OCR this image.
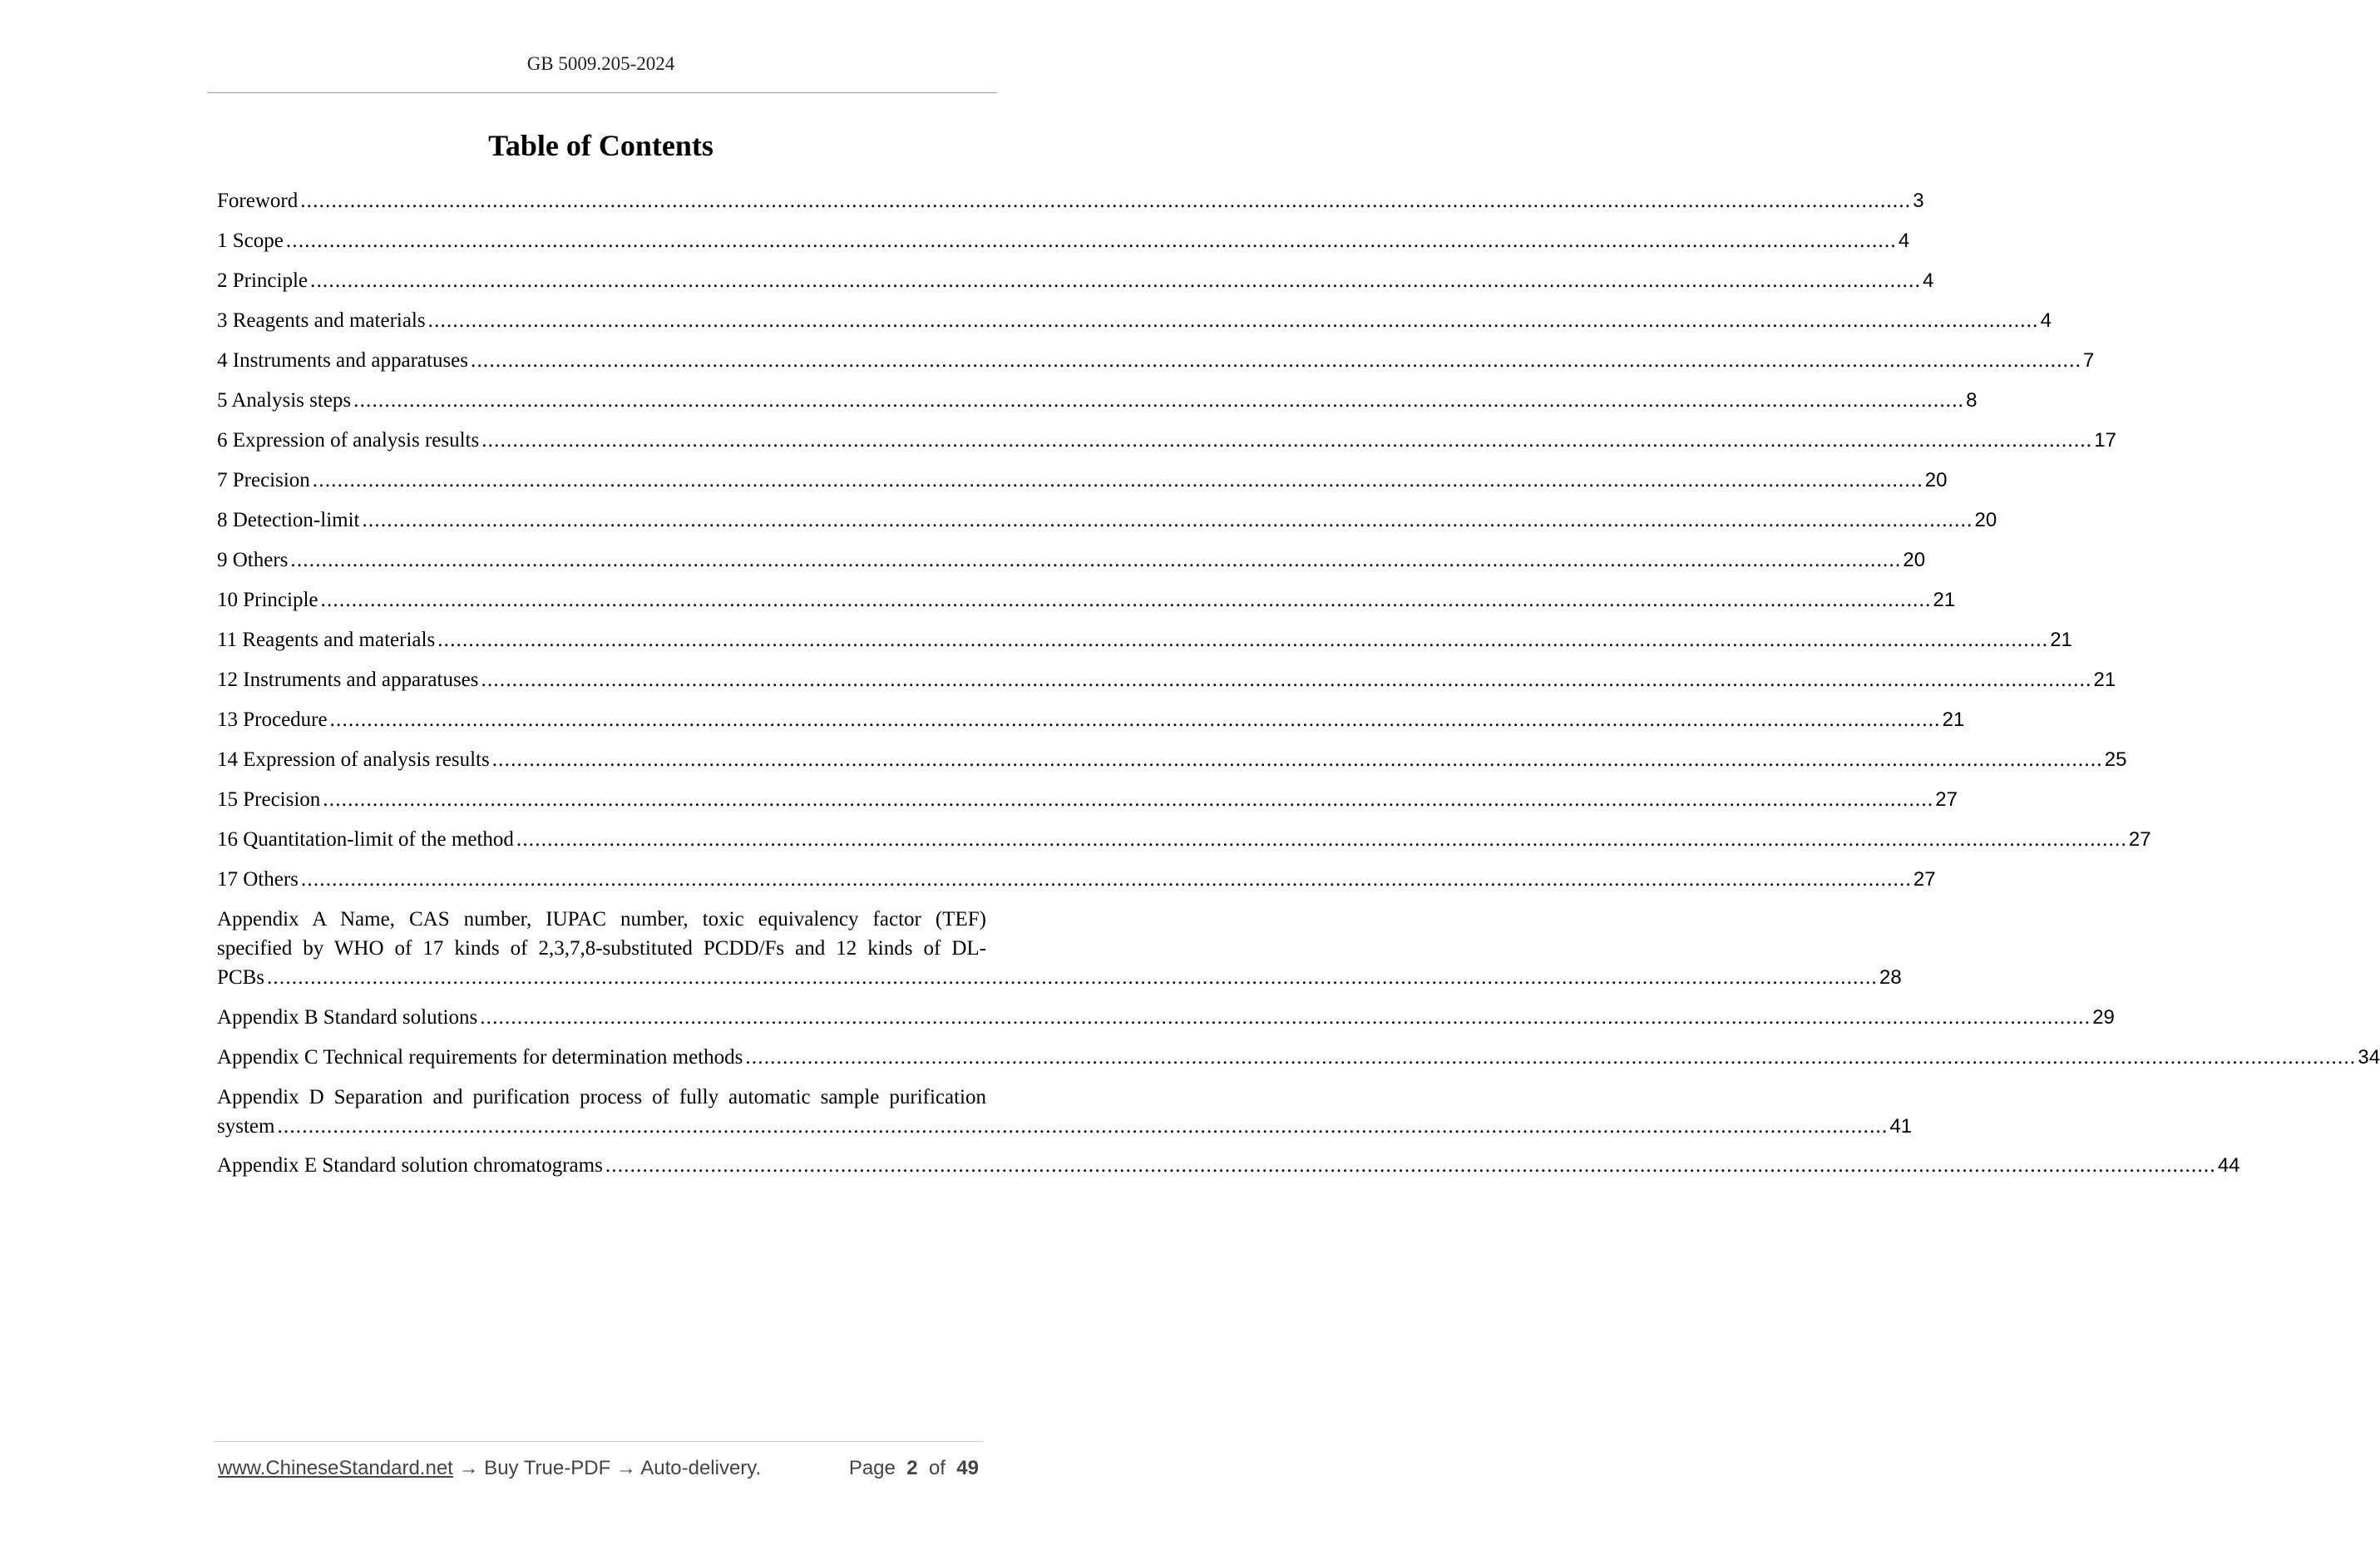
GB 5009.205-2024
Table of Contents
Foreword .................................................................................................................................................................................................................................................................... 3
1 Scope .................................................................................................................................................................................................................................................................... 4
2 Principle .................................................................................................................................................................................................................................................................... 4
3 Reagents and materials .................................................................................................................................................................................................................................................................... 4
4 Instruments and apparatuses .................................................................................................................................................................................................................................................................... 7
5 Analysis steps .................................................................................................................................................................................................................................................................... 8
6 Expression of analysis results .................................................................................................................................................................................................................................................................... 17
7 Precision .................................................................................................................................................................................................................................................................... 20
8 Detection-limit .................................................................................................................................................................................................................................................................... 20
9 Others .................................................................................................................................................................................................................................................................... 20
10 Principle .................................................................................................................................................................................................................................................................... 21
11 Reagents and materials .................................................................................................................................................................................................................................................................... 21
12 Instruments and apparatuses .................................................................................................................................................................................................................................................................... 21
13 Procedure .................................................................................................................................................................................................................................................................... 21
14 Expression of analysis results .................................................................................................................................................................................................................................................................... 25
15 Precision .................................................................................................................................................................................................................................................................... 27
16 Quantitation-limit of the method .................................................................................................................................................................................................................................................................... 27
17 Others .................................................................................................................................................................................................................................................................... 27
Appendix A Name, CAS number, IUPAC number, toxic equivalency factor (TEF)
specified by WHO of 17 kinds of 2,3,7,8-substituted PCDD/Fs and 12 kinds of DL-
PCBs .................................................................................................................................................................................................................................................................... 28
Appendix B Standard solutions .................................................................................................................................................................................................................................................................... 29
Appendix C Technical requirements for determination methods .................................................................................................................................................................................................................................................................... 34
Appendix D Separation and purification process of fully automatic sample purification
system .................................................................................................................................................................................................................................................................... 41
Appendix E Standard solution chromatograms .................................................................................................................................................................................................................................................................... 44
www.ChineseStandard.net → Buy True-PDF → Auto-delivery.	Page 2 of 49
